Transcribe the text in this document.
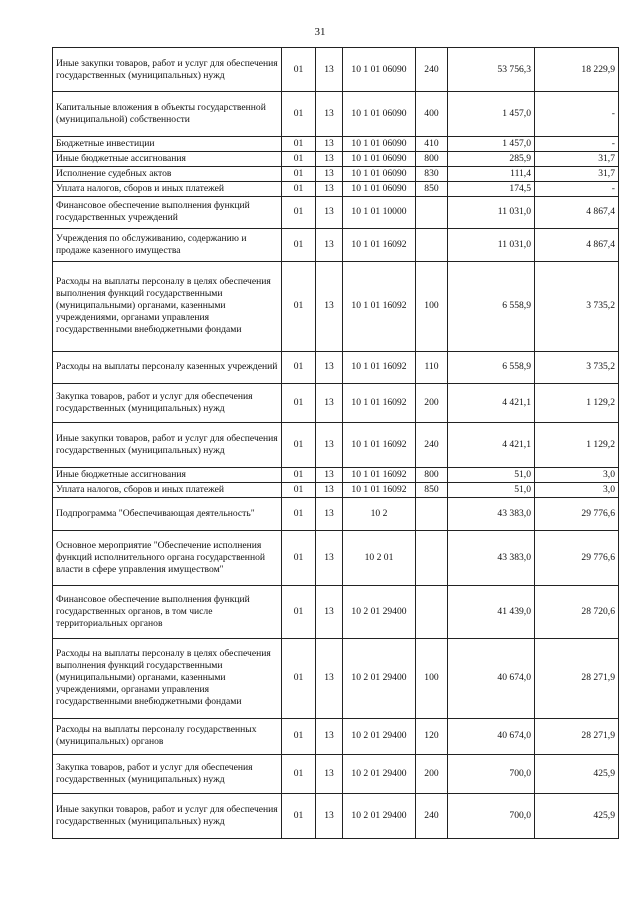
31
Иные закупки товаров, работ и услуг для обеспечения государственных (муниципальных) нужд	01	13	10 1 01 06090	240	53 756,3	18 229,9
Капитальные вложения в объекты государственной (муниципальной) собственности	01	13	10 1 01 06090	400	1 457,0	-
Бюджетные инвестиции	01	13	10 1 01 06090	410	1 457,0	-
Иные бюджетные ассигнования	01	13	10 1 01 06090	800	285,9	31,7
Исполнение судебных актов	01	13	10 1 01 06090	830	111,4	31,7
Уплата налогов, сборов и иных платежей	01	13	10 1 01 06090	850	174,5	-
Финансовое обеспечение выполнения функций государственных учреждений	01	13	10 1 01 10000		11 031,0	4 867,4
Учреждения по обслуживанию, содержанию и продаже казенного имущества	01	13	10 1 01 16092		11 031,0	4 867,4
Расходы на выплаты персоналу в целях обеспечения выполнения функций государственными (муниципальными) органами, казенными учреждениями, органами управления государственными внебюджетными фондами	01	13	10 1 01 16092	100	6 558,9	3 735,2
Расходы на выплаты персоналу казенных учреждений	01	13	10 1 01 16092	110	6 558,9	3 735,2
Закупка товаров, работ и услуг для обеспечения государственных (муниципальных) нужд	01	13	10 1 01 16092	200	4 421,1	1 129,2
Иные закупки товаров, работ и услуг для обеспечения государственных (муниципальных) нужд	01	13	10 1 01 16092	240	4 421,1	1 129,2
Иные бюджетные ассигнования	01	13	10 1 01 16092	800	51,0	3,0
Уплата налогов, сборов и иных платежей	01	13	10 1 01 16092	850	51,0	3,0
Подпрограмма "Обеспечивающая деятельность"	01	13	10 2		43 383,0	29 776,6
Основное мероприятие "Обеспечение исполнения функций исполнительного органа государственной власти в сфере управления имуществом"	01	13	10 2 01		43 383,0	29 776,6
Финансовое обеспечение выполнения функций государственных органов, в том числе территориальных органов	01	13	10 2 01 29400		41 439,0	28 720,6
Расходы на выплаты персоналу в целях обеспечения выполнения функций государственными (муниципальными) органами, казенными учреждениями, органами управления государственными внебюджетными фондами	01	13	10 2 01 29400	100	40 674,0	28 271,9
Расходы на выплаты персоналу государственных (муниципальных) органов	01	13	10 2 01 29400	120	40 674,0	28 271,9
Закупка товаров, работ и услуг для обеспечения государственных (муниципальных) нужд	01	13	10 2 01 29400	200	700,0	425,9
Иные закупки товаров, работ и услуг для обеспечения государственных (муниципальных) нужд	01	13	10 2 01 29400	240	700,0	425,9
